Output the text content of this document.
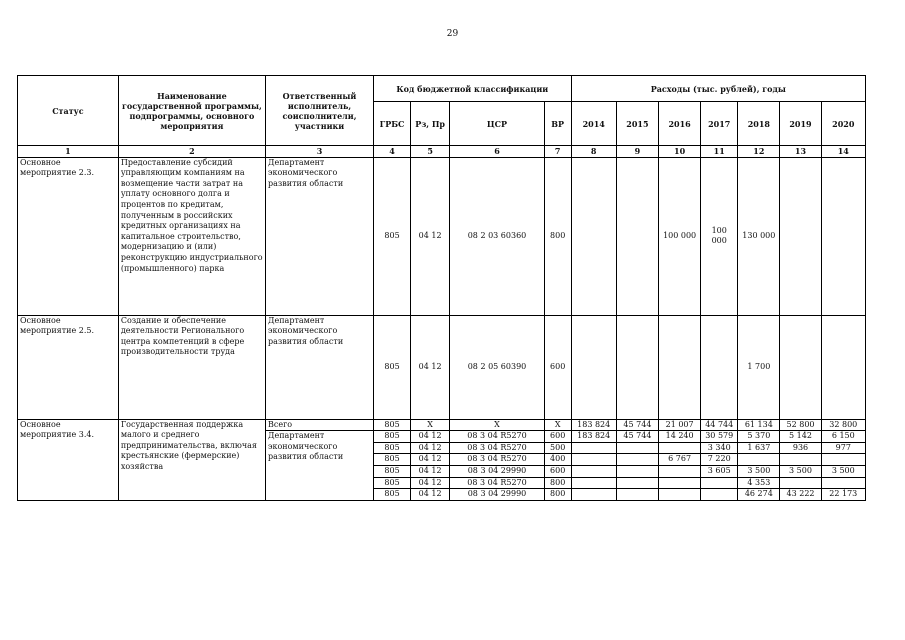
29
Статус	Наименование государственной программы, подпрограммы, основного мероприятия	Ответственный исполнитель, соисполнители, участники	Код бюджетной классификации				Расходы (тыс. рублей), годы						
			ГРБС	Рз, Пр	ЦСР	ВР	2014	2015	2016	2017	2018	2019	2020
1	2	3	4	5	6	7	8	9	10	11	12	13	14
Основное мероприятие 2.3.	Предоставление субсидий управляющим компаниям на возмещение части затрат на уплату основного долга и процентов по кредитам, полученным в российских кредитных организациях на капитальное строительство, модернизацию и (или) реконструкцию индустриального (промышленного) парка	Департамент экономического развития области	805	04 12	08 2 03 60360	800			100 000	100 000	130 000		
Основное мероприятие 2.5.	Создание и обеспечение деятельности Регионального центра компетенций в сфере производительности труда	Департамент экономического развития области	805	04 12	08 2 05 60390	600					1 700		
Основное мероприятие 3.4.	Государственная поддержка малого и среднего предпринимательства, включая крестьянские (фермерские) хозяйства	Всего	805	X	X	X	183 824	45 744	21 007	44 744	61 134	52 800	32 800
		Департамент экономического развития области	805	04 12	08 3 04 R5270	600	183 824	45 744	14 240	30 579	5 370	5 142	6 150
			805	04 12	08 3 04 R5270	500				3 340	1 637	936	977
			805	04 12	08 3 04 R5270	400			6 767	7 220			
			805	04 12	08 3 04 29990	600				3 605	3 500	3 500	3 500
			805	04 12	08 3 04 R5270	800					4 353		
			805	04 12	08 3 04 29990	800					46 274	43 222	22 173
